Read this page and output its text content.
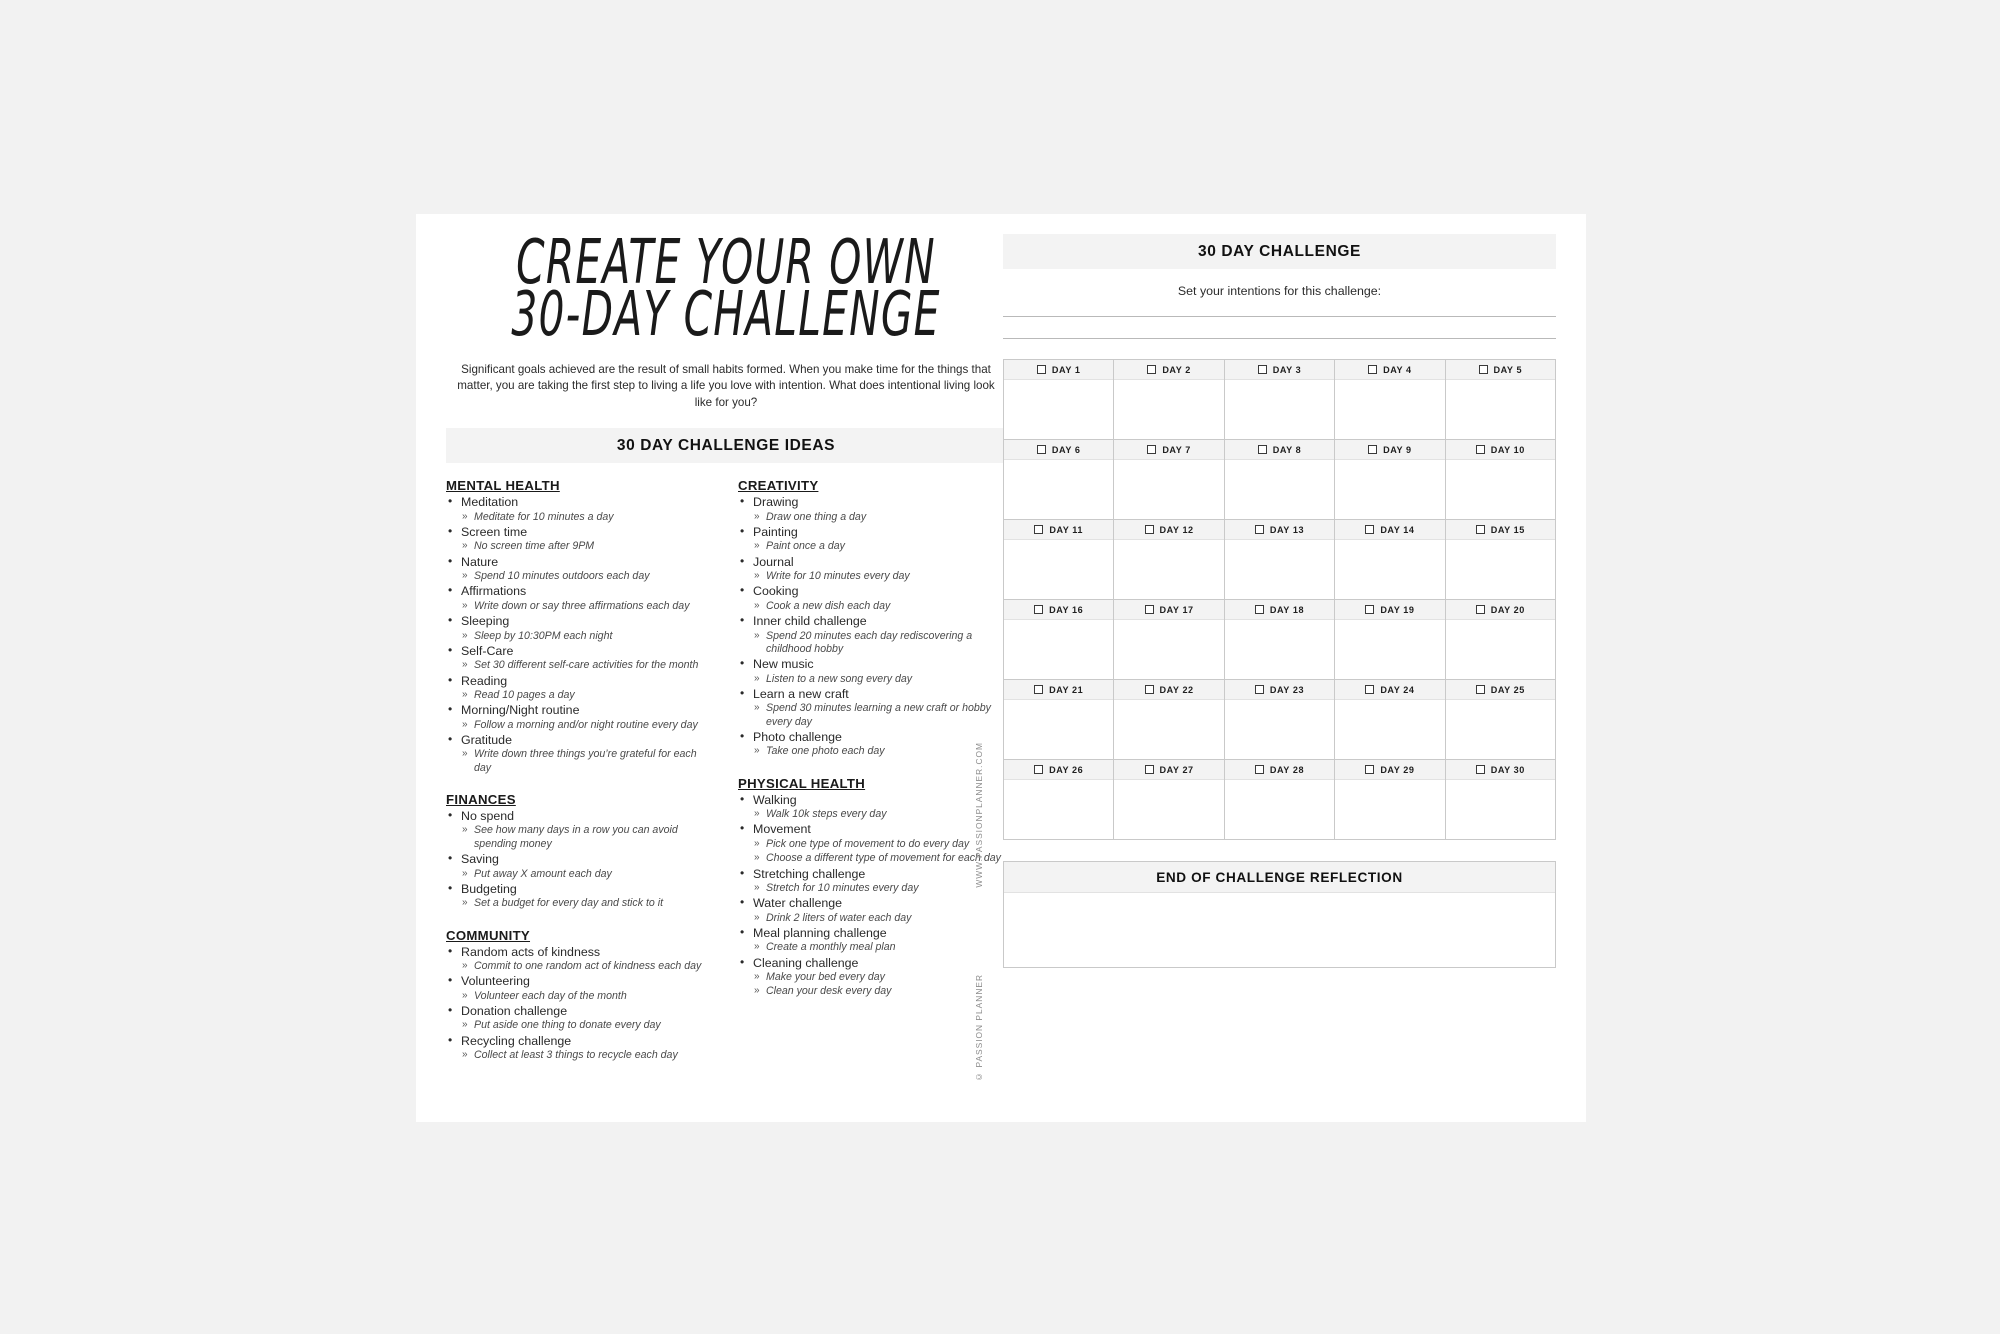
CREATE YOUR OWN
30-DAY CHALLENGE
Significant goals achieved are the result of small habits formed. When you make time for the things that matter, you are taking the first step to living a life you love with intention. What does intentional living look like for you?
30 DAY CHALLENGE IDEAS
MENTAL HEALTH
• Meditation
» Meditate for 10 minutes a day
• Screen time
» No screen time after 9PM
• Nature
» Spend 10 minutes outdoors each day
• Affirmations
» Write down or say three affirmations each day
• Sleeping
» Sleep by 10:30PM each night
• Self-Care
» Set 30 different self-care activities for the month
• Reading
» Read 10 pages a day
• Morning/Night routine
» Follow a morning and/or night routine every day
• Gratitude
» Write down three things you’re grateful for each day
FINANCES
• No spend
» See how many days in a row you can avoid spending money
• Saving
» Put away X amount each day
• Budgeting
» Set a budget for every day and stick to it
COMMUNITY
• Random acts of kindness
» Commit to one random act of kindness each day
• Volunteering
» Volunteer each day of the month
• Donation challenge
» Put aside one thing to donate every day
• Recycling challenge
» Collect at least 3 things to recycle each day
CREATIVITY
• Drawing
» Draw one thing a day
• Painting
» Paint once a day
• Journal
» Write for 10 minutes every day
• Cooking
» Cook a new dish each day
• Inner child challenge
» Spend 20 minutes each day rediscovering a childhood hobby
• New music
» Listen to a new song every day
• Learn a new craft
» Spend 30 minutes learning a new craft or hobby every day
• Photo challenge
» Take one photo each day
PHYSICAL HEALTH
• Walking
» Walk 10k steps every day
• Movement
» Pick one type of movement to do every day
» Choose a different type of movement for each day
• Stretching challenge
» Stretch for 10 minutes every day
• Water challenge
» Drink 2 liters of water each day
• Meal planning challenge
» Create a monthly meal plan
• Cleaning challenge
» Make your bed every day
» Clean your desk every day
WWW.PASSIONPLANNER.COM
© PASSION PLANNER
30 DAY CHALLENGE
Set your intentions for this challenge:
DAY 1	DAY 2	DAY 3	DAY 4	DAY 5
DAY 6	DAY 7	DAY 8	DAY 9	DAY 10
DAY 11	DAY 12	DAY 13	DAY 14	DAY 15
DAY 16	DAY 17	DAY 18	DAY 19	DAY 20
DAY 21	DAY 22	DAY 23	DAY 24	DAY 25
DAY 26	DAY 27	DAY 28	DAY 29	DAY 30
END OF CHALLENGE REFLECTION
